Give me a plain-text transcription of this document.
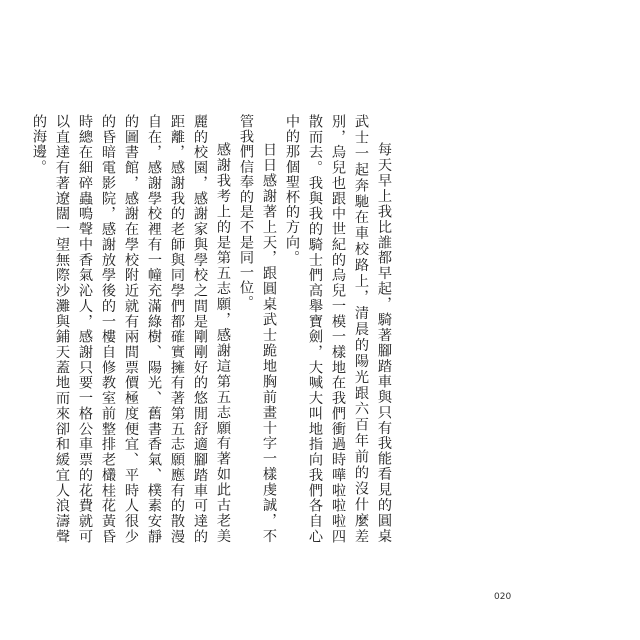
每天早上我比誰都早起，騎著腳踏車與只有我能看見的圓桌武士一起奔馳在車校路上，清晨的陽光跟六百年前的沒什麼差別，烏兒也跟中世紀的烏兒一模一樣地在我們衝過時嘩啦啦啦四散而去。我與我的騎士們高舉寶劍，大喊大叫地指向我們各自心中的那個聖杯的方向。

日日感謝著上天，跟圓桌武士跪地胸前畫十字一樣虔誠，不管我們信奉的是不是同一位。

感謝我考上的是第五志願，感謝這第五志願有著如此古老美麗的校園，感謝家與學校之間是剛剛好的悠閒舒適腳踏車可達的距離，感謝我的老師與同學們都確實擁有著第五志願應有的散漫自在，感謝學校裡有一幢充滿綠樹、陽光、舊書香氣、樸素安靜的圖書館，感謝在學校附近就有兩間票價極度便宜、平時人很少的昏暗電影院，感謝放學後的一樓自修教室前整排老欉桂花黃昏時總在細碎蟲鳴聲中香氣沁人，感謝只要一格公車票的花費就可以直達有著遼闊一望無際沙灘與鋪天蓋地而來卻和緩宜人浪濤聲的海邊。

020
